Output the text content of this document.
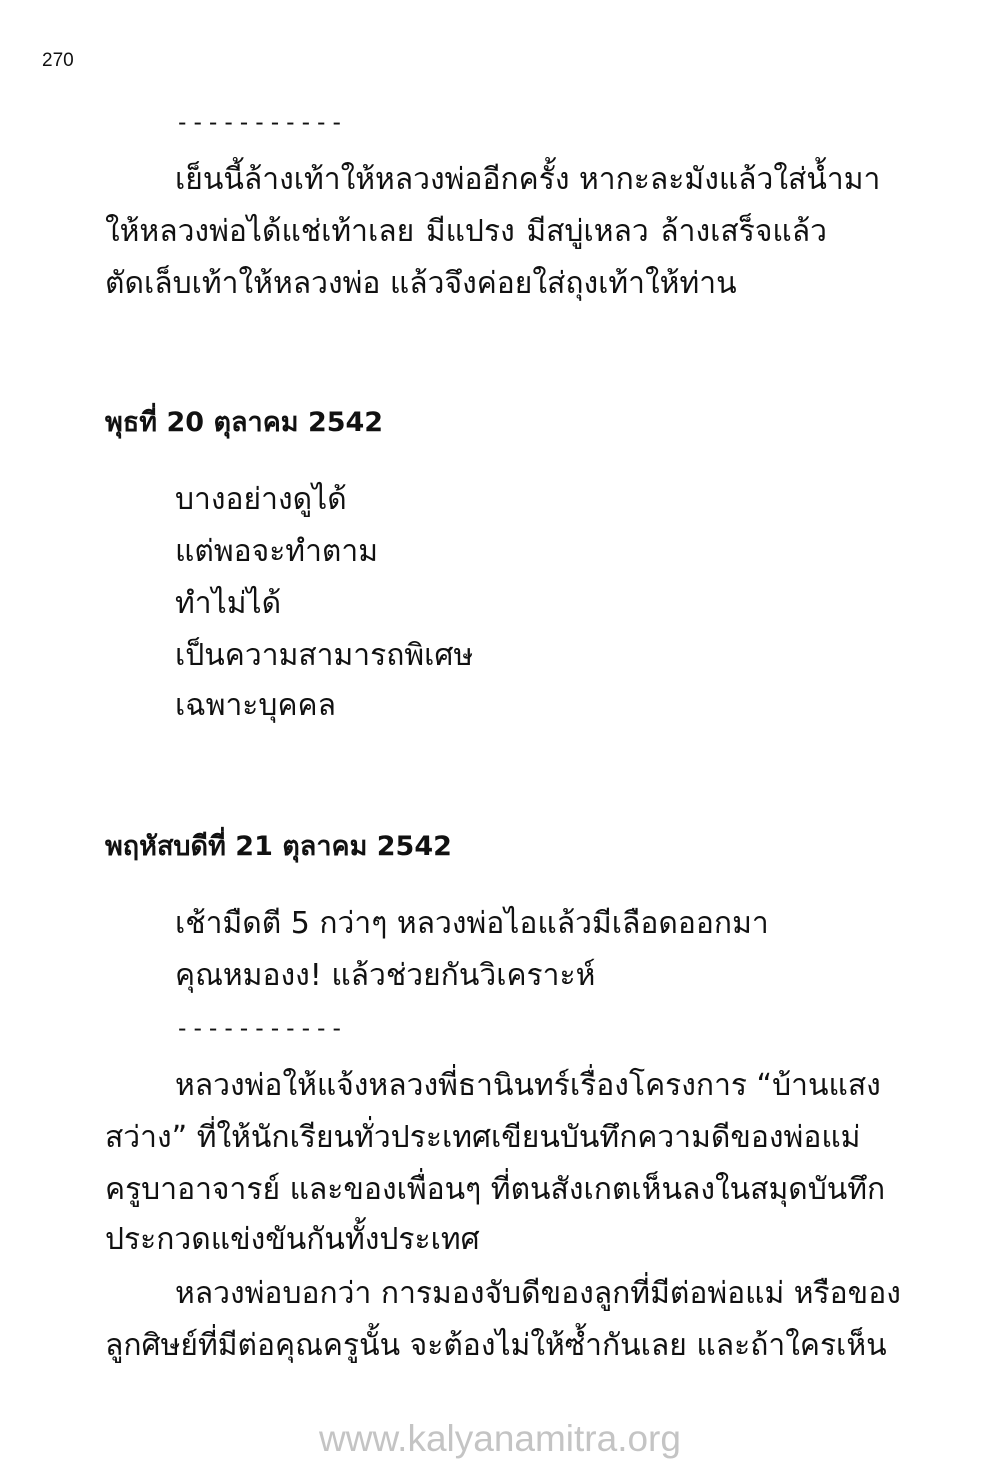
270
-----------
เย็นนี้ล้างเท้าให้หลวงพ่ออีกครั้ง หากะละมังแล้วใส่น้ำมา
ให้หลวงพ่อได้แช่เท้าเลย มีแปรง มีสบู่เหลว ล้างเสร็จแล้ว
ตัดเล็บเท้าให้หลวงพ่อ แล้วจึงค่อยใส่ถุงเท้าให้ท่าน
พุธที่ 20 ตุลาคม 2542
บางอย่างดูได้
แต่พอจะทำตาม
ทำไม่ได้
เป็นความสามารถพิเศษ
เฉพาะบุคคล
พฤหัสบดีที่ 21 ตุลาคม 2542
เช้ามืดตี 5 กว่าๆ หลวงพ่อไอแล้วมีเลือดออกมา
คุณหมองง! แล้วช่วยกันวิเคราะห์
-----------
หลวงพ่อให้แจ้งหลวงพี่ธานินทร์เรื่องโครงการ “บ้านแสง
สว่าง” ที่ให้นักเรียนทั่วประเทศเขียนบันทึกความดีของพ่อแม่
ครูบาอาจารย์ และของเพื่อนๆ ที่ตนสังเกตเห็นลงในสมุดบันทึก
ประกวดแข่งขันกันทั้งประเทศ
หลวงพ่อบอกว่า การมองจับดีของลูกที่มีต่อพ่อแม่ หรือของ
ลูกศิษย์ที่มีต่อคุณครูนั้น จะต้องไม่ให้ซ้ำกันเลย และถ้าใครเห็น
www.kalyanamitra.org
